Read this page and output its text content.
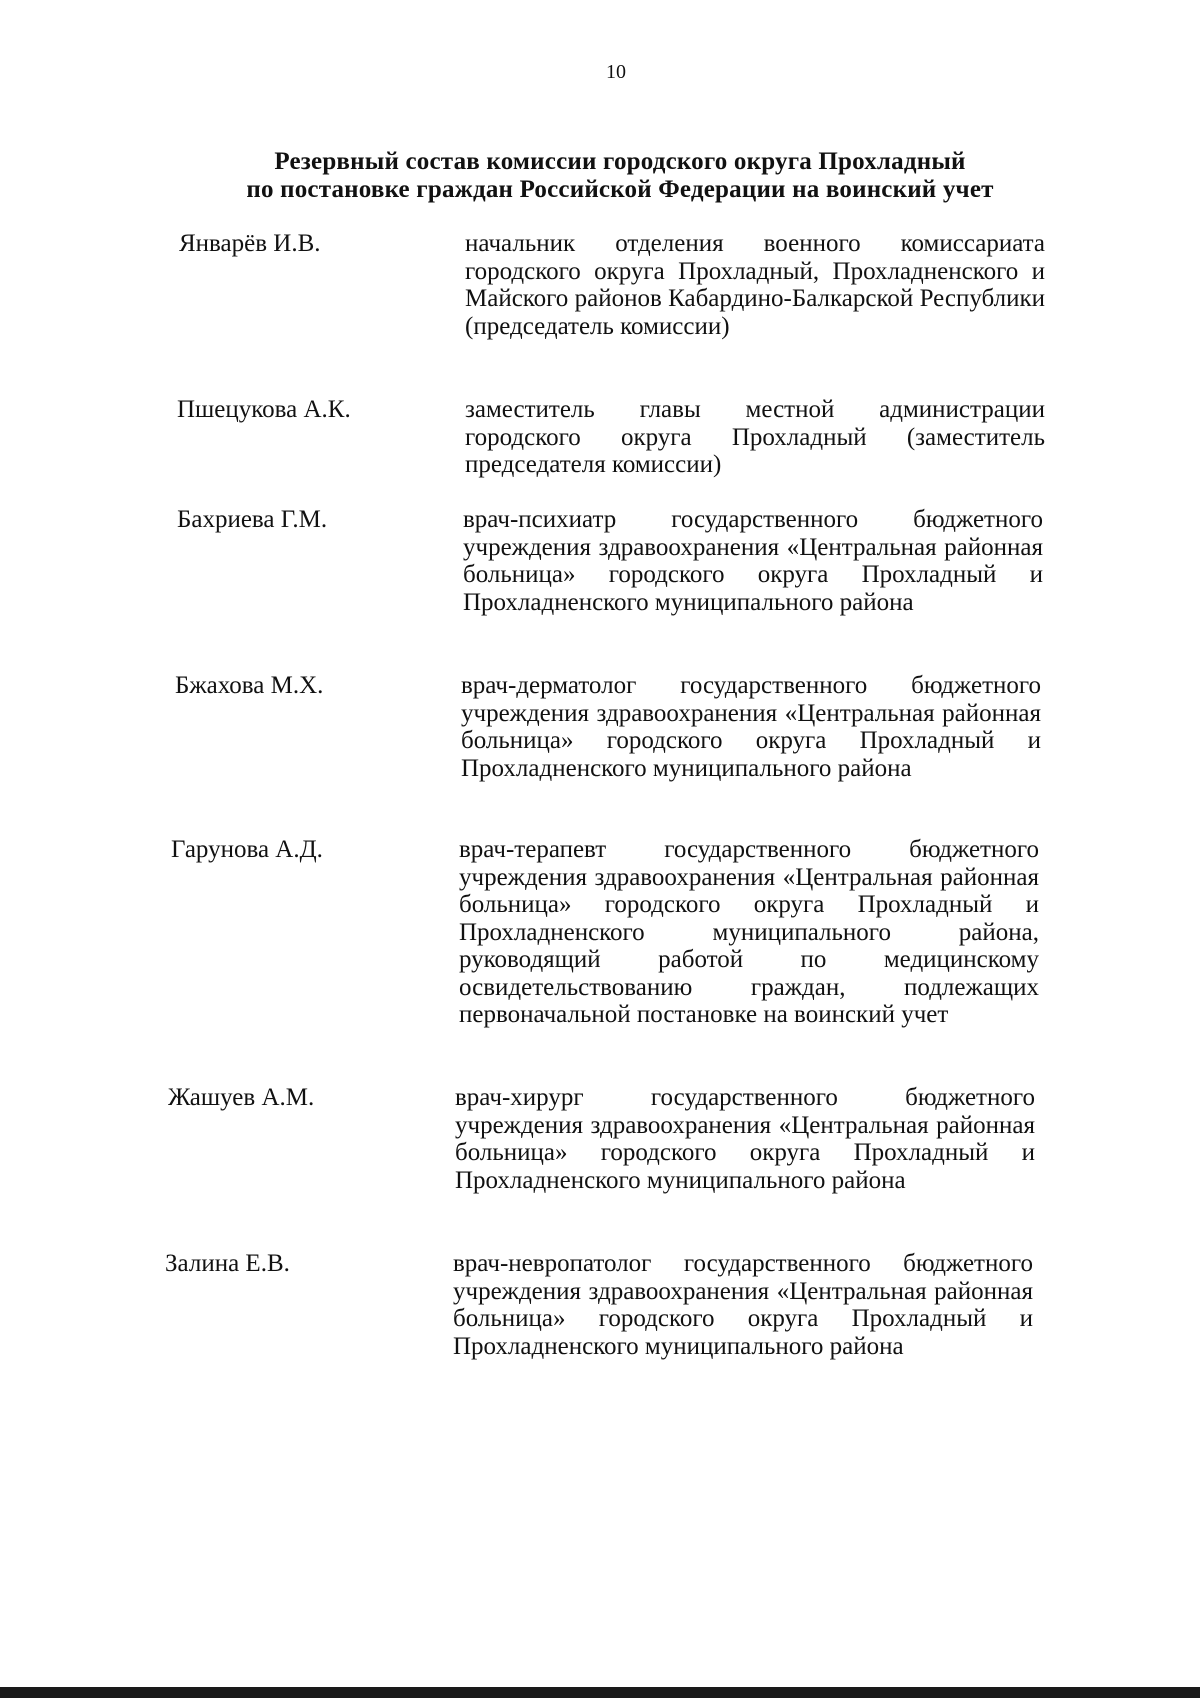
10
Резервный состав комиссии городского округа Прохладный
по постановке граждан Российской Федерации на воинский учет
Январёв И.В.	начальник отделения военного комиссариата городского округа Прохладный, Прохладненского и Майского районов Кабардино-Балкарской Республики (председатель комиссии)
Пшецукова А.К.	заместитель главы местной администрации городского округа Прохладный (заместитель председателя комиссии)
Бахриева Г.М.	врач-психиатр государственного бюджетного учреждения здравоохранения «Центральная районная больница» городского округа Прохладный и Прохладненского муниципального района
Бжахова М.Х.	врач-дерматолог государственного бюджетного учреждения здравоохранения «Центральная районная больница» городского округа Прохладный и Прохладненского муниципального района
Гарунова А.Д.	врач-терапевт государственного бюджетного учреждения здравоохранения «Центральная районная больница» городского округа Прохладный и Прохладненского муниципального района, руководящий работой по медицинскому освидетельствованию граждан, подлежащих первоначальной постановке на воинский учет
Жашуев А.М.	врач-хирург государственного бюджетного учреждения здравоохранения «Центральная районная больница» городского округа Прохладный и Прохладненского муниципального района
Залина Е.В.	врач-невропатолог государственного бюджетного учреждения здравоохранения «Центральная районная больница» городского округа Прохладный и Прохладненского муниципального района
